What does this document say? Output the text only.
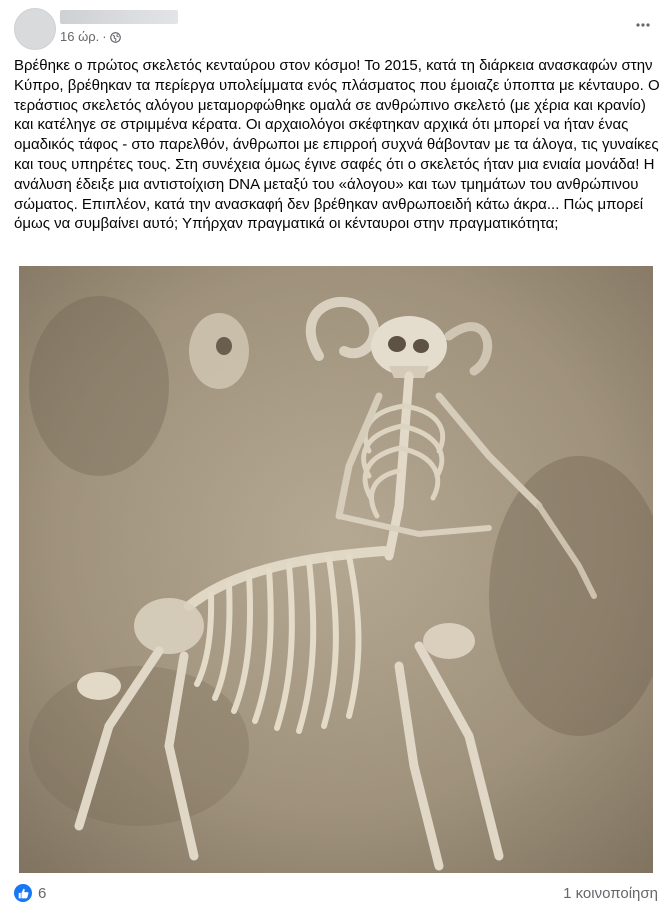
16 ώρ. ·
Βρέθηκε ο πρώτος σκελετός κενταύρου στον κόσμο! Το 2015, κατά τη διάρκεια ανασκαφών στην Κύπρο, βρέθηκαν τα περίεργα υπολείμματα ενός πλάσματος που έμοιαζε ύποπτα με κένταυρο. Ο τεράστιος σκελετός αλόγου μεταμορφώθηκε ομαλά σε ανθρώπινο σκελετό (με χέρια και κρανίο) και κατέληγε σε στριμμένα κέρατα. Οι αρχαιολόγοι σκέφτηκαν αρχικά ότι μπορεί να ήταν ένας ομαδικός τάφος - στο παρελθόν, άνθρωποι με επιρροή συχνά θάβονταν με τα άλογα, τις γυναίκες και τους υπηρέτες τους. Στη συνέχεια όμως έγινε σαφές ότι ο σκελετός ήταν μια ενιαία μονάδα! Η ανάλυση έδειξε μια αντιστοίχιση DNA μεταξύ του «άλογου» και των τμημάτων του ανθρώπινου σώματος. Επιπλέον, κατά την ανασκαφή δεν βρέθηκαν ανθρωποειδή κάτω άκρα... Πώς μπορεί όμως να συμβαίνει αυτό; Υπήρχαν πραγματικά οι κένταυροι στην πραγματικότητα;
6	1 κοινοποίηση
